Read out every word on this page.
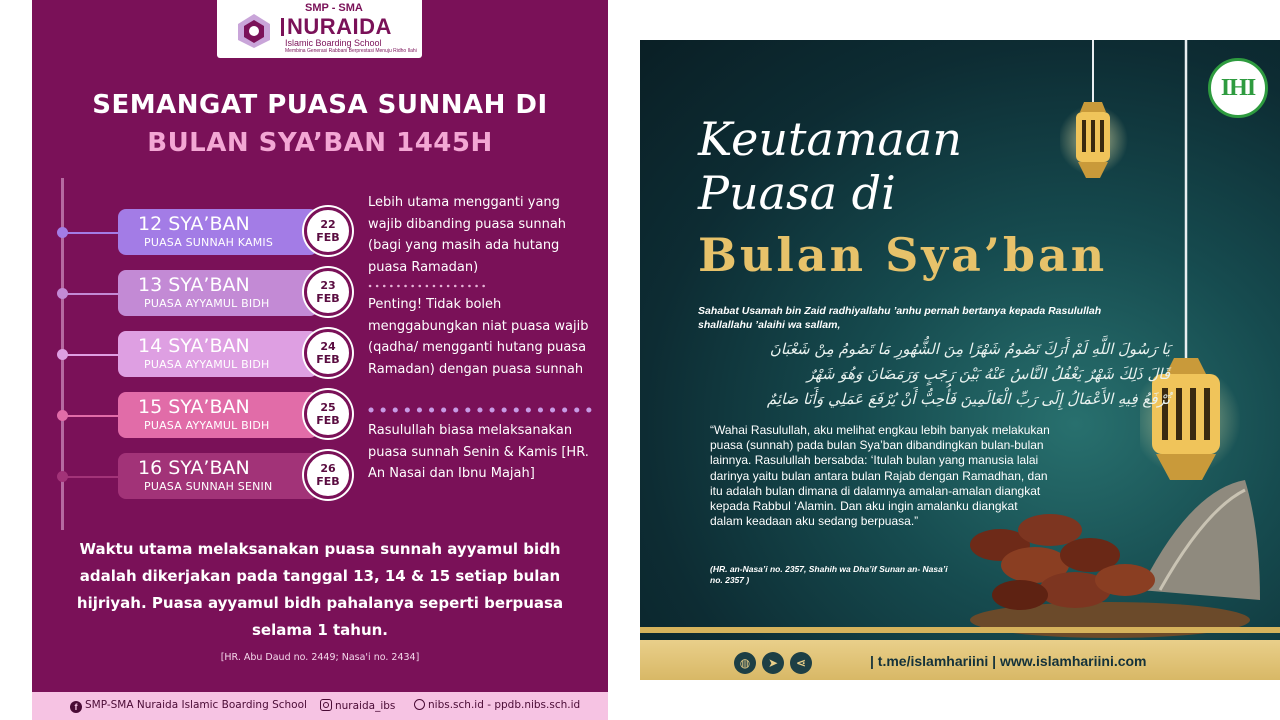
SMP - SMA
NURAIDA
Islamic Boarding School
Membina Generasi Rabbani Berprestasi Menuju Ridho Ilahi
SEMANGAT PUASA SUNNAH DI
BULAN SYA’BAN 1445H
12 SYA’BAN
PUASA SUNNAH KAMIS
22
FEB
13 SYA’BAN
PUASA AYYAMUL BIDH
23
FEB
14 SYA’BAN
PUASA AYYAMUL BIDH
24
FEB
15 SYA’BAN
PUASA AYYAMUL BIDH
25
FEB
16 SYA’BAN
PUASA SUNNAH SENIN
26
FEB
Lebih utama mengganti yang wajib dibanding puasa sunnah (bagi yang masih ada hutang puasa Ramadan)
Penting! Tidak boleh menggabungkan niat puasa wajib (qadha/ mengganti hutang puasa Ramadan) dengan puasa sunnah
Rasulullah biasa melaksanakan puasa sunnah Senin & Kamis [HR. An Nasai dan Ibnu Majah]
Waktu utama melaksanakan puasa sunnah ayyamul bidh adalah dikerjakan pada tanggal 13, 14 & 15 setiap bulan hijriyah. Puasa ayyamul bidh pahalanya seperti berpuasa selama 1 tahun.
[HR. Abu Daud no. 2449; Nasa'i no. 2434]
f SMP-SMA Nuraida Islamic Boarding School	nuraida_ibs	nibs.sch.id - ppdb.nibs.sch.id
IHI
Keutamaan
Puasa di
Bulan Sya’ban
Sahabat Usamah bin Zaid radhiyallahu ’anhu pernah bertanya kepada Rasulullah shallallahu ’alaihi wa sallam,
يَا رَسُولَ اللَّهِ لَمْ أَرَكَ تَصُومُ شَهْرًا مِنَ الشُّهُورِ مَا تَصُومُ مِنْ شَعْبَانَ
قَالَ ذَلِكَ شَهْرٌ يَغْفُلُ النَّاسُ عَنْهُ بَيْنَ رَجَبٍ وَرَمَضَانَ وَهُوَ شَهْرٌ
تُرْفَعُ فِيهِ الأَعْمَالُ إِلَى رَبِّ الْعَالَمِينَ فَأُحِبُّ أَنْ يُرْفَعَ عَمَلِي وَأَنَا صَائِمٌ
“Wahai Rasulullah, aku melihat engkau lebih banyak melakukan puasa (sunnah) pada bulan Sya’ban dibandingkan bulan-bulan lainnya. Rasulullah bersabda: ‘Itulah bulan yang manusia lalai darinya yaitu bulan antara bulan Rajab dengan Ramadhan, dan itu adalah bulan dimana di dalamnya amalan-amalan diangkat kepada Rabbul ‘Alamin. Dan aku ingin amalanku diangkat dalam keadaan aku sedang berpuasa.”
(HR. an-Nasa’i no. 2357, Shahih wa Dha’if Sunan an- Nasa’i no. 2357 )
◍	➤	⋖	| t.me/islamhariini | www.islamhariini.com
